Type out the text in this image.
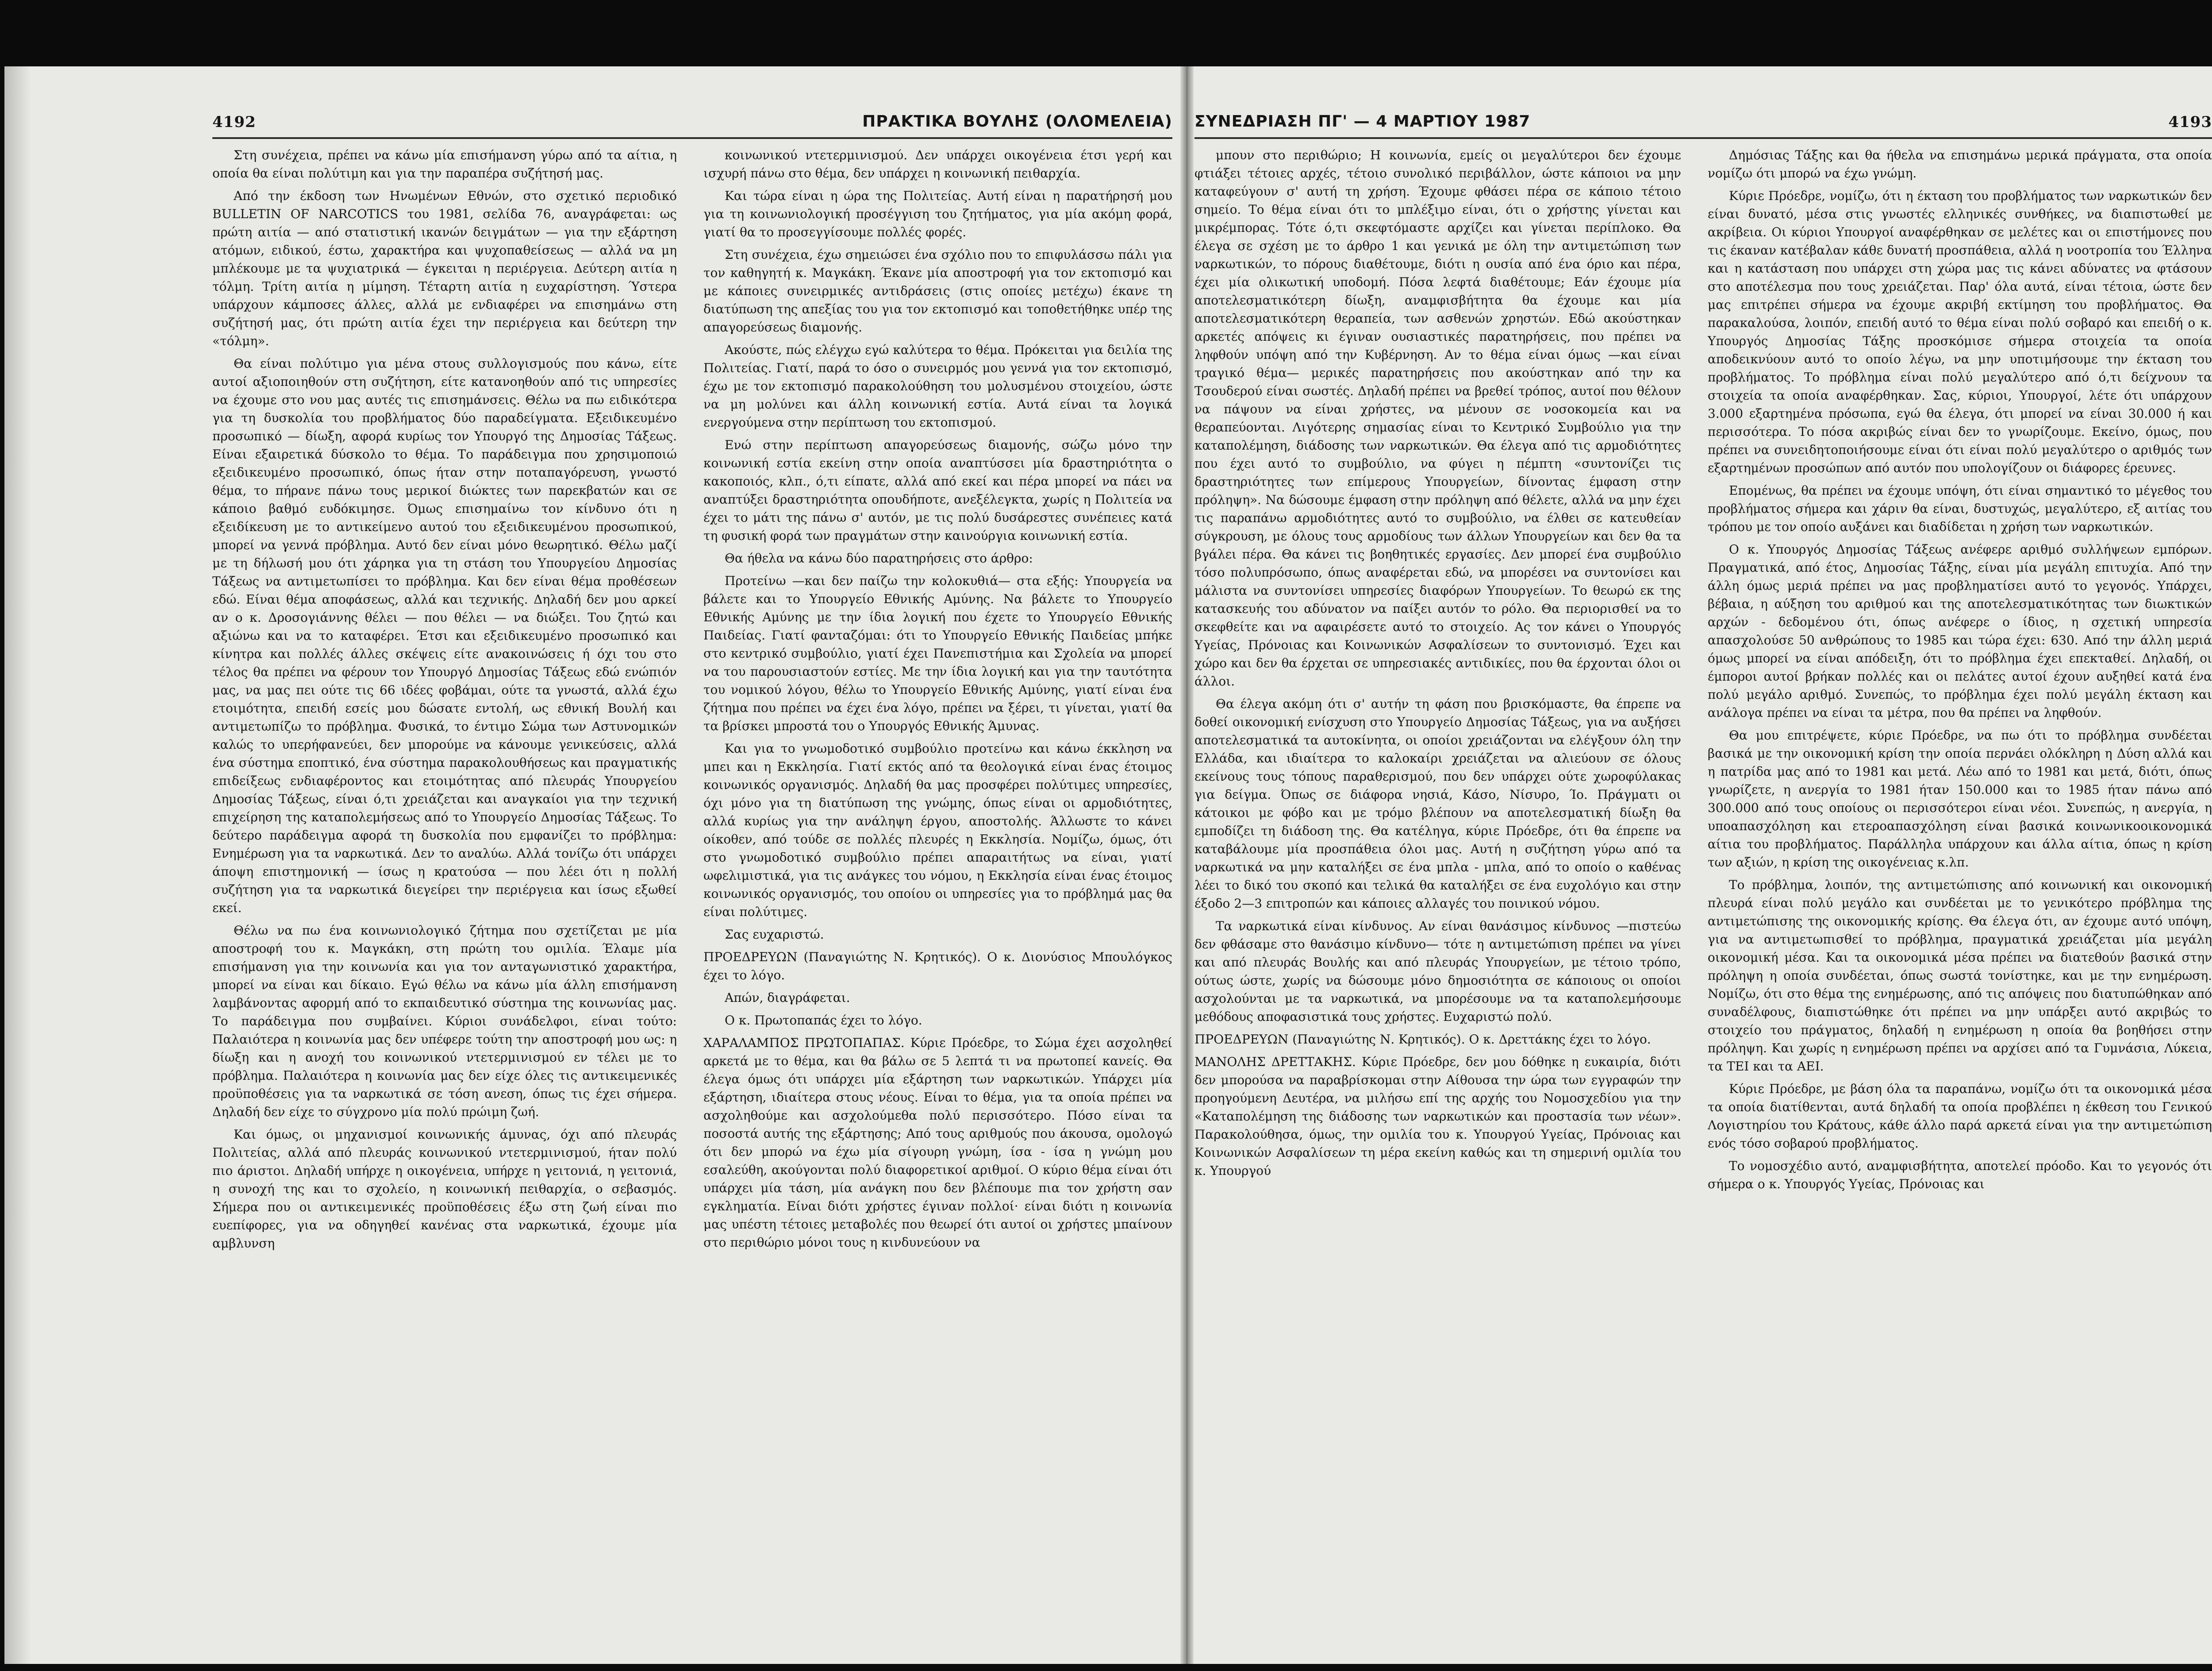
4192	ΠΡΑΚΤΙΚΑ ΒΟΥΛΗΣ (ΟΛΟΜΕΛΕΙΑ)

Στη συνέχεια, πρέπει να κάνω μία επισήμανση γύρω από τα αίτια, η οποία θα είναι πολύτιμη και για την παραπέρα συζήτησή μας.

Από την έκδοση των Ηνωμένων Εθνών, στο σχετικό περιοδικό BULLETIN OF NARCOTICS του 1981, σελίδα 76, αναγράφεται: ως πρώτη αιτία — από στατιστική ικανών δειγμάτων — για την εξάρτηση ατόμων, ειδικού, έστω, χαρακτήρα και ψυχοπαθείσεως — αλλά να μη μπλέκουμε με τα ψυχιατρικά — έγκειται η περιέργεια. Δεύτερη αιτία η τόλμη. Τρίτη αιτία η μίμηση. Τέταρτη αιτία η ευχαρίστηση. Ύστερα υπάρχουν κάμποσες άλλες, αλλά με ενδιαφέρει να επισημάνω στη συζήτησή μας, ότι πρώτη αιτία έχει την περιέργεια και δεύτερη την «τόλμη».

Θα είναι πολύτιμο για μένα στους συλλογισμούς που κάνω, είτε αυτοί αξιοποιηθούν στη συζήτηση, είτε κατανοηθούν από τις υπηρεσίες να έχουμε στο νου μας αυτές τις επισημάνσεις. Θέλω να πω ειδικότερα για τη δυσκολία του προβλήματος δύο παραδείγματα. Εξειδικευμένο προσωπικό — δίωξη, αφορά κυρίως τον Υπουργό της Δημοσίας Τάξεως. Είναι εξαιρετικά δύσκολο το θέμα. Το παράδειγμα που χρησιμοποιώ εξειδικευμένο προσωπικό, όπως ήταν στην ποταπαγόρευση, γνωστό θέμα, το πήρανε πάνω τους μερικοί διώκτες των παρεκβατών και σε κάποιο βαθμό ευδόκιμησε. Όμως επισημαίνω τον κίνδυνο ότι η εξειδίκευση με το αντικείμενο αυτού του εξειδικευμένου προσωπικού, μπορεί να γεννά πρόβλημα. Αυτό δεν είναι μόνο θεωρητικό. Θέλω μαζί με τη δήλωσή μου ότι χάρηκα για τη στάση του Υπουργείου Δημοσίας Τάξεως να αντιμετωπίσει το πρόβλημα. Και δεν είναι θέμα προθέσεων εδώ. Είναι θέμα αποφάσεως, αλλά και τεχνικής. Δηλαδή δεν μου αρκεί αν ο κ. Δροσογιάννης θέλει — που θέλει — να διώξει. Του ζητώ και αξιώνω και να το καταφέρει. Έτσι και εξειδικευμένο προσωπικό και κίνητρα και πολλές άλλες σκέψεις είτε ανακοινώσεις ή όχι του στο τέλος θα πρέπει να φέρουν τον Υπουργό Δημοσίας Τάξεως εδώ ενώπιόν μας, να μας πει ούτε τις 66 ιδέες φοβάμαι, ούτε τα γνωστά, αλλά έχω ετοιμότητα, επειδή εσείς μου δώσατε εντολή, ως εθνική Βουλή και αντιμετωπίζω το πρόβλημα. Φυσικά, το έντιμο Σώμα των Αστυνομικών καλώς το υπερήφανεύει, δεν μπορούμε να κάνουμε γενικεύσεις, αλλά ένα σύστημα εποπτικό, ένα σύστημα παρακολουθήσεως και πραγματικής επιδείξεως ενδιαφέροντος και ετοιμότητας από πλευράς Υπουργείου Δημοσίας Τάξεως, είναι ό,τι χρειάζεται και αναγκαίοι για την τεχνική επιχείρηση της καταπολεμήσεως από το Υπουργείο Δημοσίας Τάξεως. Το δεύτερο παράδειγμα αφορά τη δυσκολία που εμφανίζει το πρόβλημα: Ενημέρωση για τα ναρκωτικά. Δεν το αναλύω. Αλλά τονίζω ότι υπάρχει άποψη επιστημονική — ίσως η κρατούσα — που λέει ότι η πολλή συζήτηση για τα ναρκωτικά διεγείρει την περιέργεια και ίσως εξωθεί εκεί.

Θέλω να πω ένα κοινωνιολογικό ζήτημα που σχετίζεται με μία αποστροφή του κ. Μαγκάκη, στη πρώτη του ομιλία. Έλαμε μία επισήμανση για την κοινωνία και για τον ανταγωνιστικό χαρακτήρα, μπορεί να είναι και δίκαιο. Εγώ θέλω να κάνω μία άλλη επισήμανση λαμβάνοντας αφορμή από το εκπαιδευτικό σύστημα της κοινωνίας μας. Το παράδειγμα που συμβαίνει. Κύριοι συνάδελφοι, είναι τούτο: Παλαιότερα η κοινωνία μας δεν υπέφερε τούτη την αποστροφή μου ως: η δίωξη και η ανοχή του κοινωνικού ντετερμινισμού εν τέλει με το πρόβλημα. Παλαιότερα η κοινωνία μας δεν είχε όλες τις αντικειμενικές προϋποθέσεις για τα ναρκωτικά σε τόση ανεση, όπως τις έχει σήμερα. Δηλαδή δεν είχε το σύγχρονο μία πολύ πρώιμη ζωή.

Και όμως, οι μηχανισμοί κοινωνικής άμυνας, όχι από πλευράς Πολιτείας, αλλά από πλευράς κοινωνικού ντετερμινισμού, ήταν πολύ πιο άριστοι. Δηλαδή υπήρχε η οικογένεια, υπήρχε η γειτονιά, η γειτονιά, η συνοχή της και το σχολείο, η κοινωνική πειθαρχία, ο σεβασμός. Σήμερα που οι αντικειμενικές προϋποθέσεις έξω στη ζωή είναι πιο ευεπίφορες, για να οδηγηθεί κανένας στα ναρκωτικά, έχουμε μία αμβλυνση

κοινωνικού ντετερμινισμού. Δεν υπάρχει οικογένεια έτσι γερή και ισχυρή πάνω στο θέμα, δεν υπάρχει η κοινωνική πειθαρχία.

Και τώρα είναι η ώρα της Πολιτείας. Αυτή είναι η παρατήρησή μου για τη κοινωνιολογική προσέγγιση του ζητήματος, για μία ακόμη φορά, γιατί θα το προσεγγίσουμε πολλές φορές.

Στη συνέχεια, έχω σημειώσει ένα σχόλιο που το επιφυλάσσω πάλι για τον καθηγητή κ. Μαγκάκη. Έκανε μία αποστροφή για τον εκτοπισμό και με κάποιες συνειρμικές αντιδράσεις (στις οποίες μετέχω) έκανε τη διατύπωση της απεξίας του για τον εκτοπισμό και τοποθετήθηκε υπέρ της απαγορεύσεως διαμονής.

Ακούστε, πώς ελέγχω εγώ καλύτερα το θέμα. Πρόκειται για δειλία της Πολιτείας. Γιατί, παρά το όσο ο συνειρμός μου γεννά για τον εκτοπισμό, έχω με τον εκτοπισμό παρακολούθηση του μολυσμένου στοιχείου, ώστε να μη μολύνει και άλλη κοινωνική εστία. Αυτά είναι τα λογικά ενεργούμενα στην περίπτωση του εκτοπισμού.

Ενώ στην περίπτωση απαγορεύσεως διαμονής, σώζω μόνο την κοινωνική εστία εκείνη στην οποία αναπτύσσει μία δραστηριότητα ο κακοποιός, κλπ., ό,τι είπατε, αλλά από εκεί και πέρα μπορεί να πάει να αναπτύξει δραστηριότητα οπουδήποτε, ανεξέλεγκτα, χωρίς η Πολιτεία να έχει το μάτι της πάνω σ' αυτόν, με τις πολύ δυσάρεστες συνέπειες κατά τη φυσική φορά των πραγμάτων στην καινούργια κοινωνική εστία.

Θα ήθελα να κάνω δύο παρατηρήσεις στο άρθρο:

Προτείνω —και δεν παίζω την κολοκυθιά— στα εξής: Υπουργεία να βάλετε και το Υπουργείο Εθνικής Αμύνης. Να βάλετε το Υπουργείο Εθνικής Αμύνης με την ίδια λογική που έχετε το Υπουργείο Εθνικής Παιδείας. Γιατί φανταζόμαι: ότι το Υπουργείο Εθνικής Παιδείας μπήκε στο κεντρικό συμβούλιο, γιατί έχει Πανεπιστήμια και Σχολεία να μπορεί να του παρουσιαστούν εστίες. Με την ίδια λογική και για την ταυτότητα του νομικού λόγου, θέλω το Υπουργείο Εθνικής Αμύνης, γιατί είναι ένα ζήτημα που πρέπει να έχει ένα λόγο, πρέπει να ξέρει, τι γίνεται, γιατί θα τα βρίσκει μπροστά του ο Υπουργός Εθνικής Άμυνας.

Και για το γνωμοδοτικό συμβούλιο προτείνω και κάνω έκκληση να μπει και η Εκκλησία. Γιατί εκτός από τα θεολογικά είναι ένας έτοιμος κοινωνικός οργανισμός. Δηλαδή θα μας προσφέρει πολύτιμες υπηρεσίες, όχι μόνο για τη διατύπωση της γνώμης, όπως είναι οι αρμοδιότητες, αλλά κυρίως για την ανάληψη έργου, αποστολής. Άλλωστε το κάνει οίκοθεν, από τούδε σε πολλές πλευρές η Εκκλησία. Νομίζω, όμως, ότι στο γνωμοδοτικό συμβούλιο πρέπει απαραιτήτως να είναι, γιατί ωφελιμιστικά, για τις ανάγκες του νόμου, η Εκκλησία είναι ένας έτοιμος κοινωνικός οργανισμός, του οποίου οι υπηρεσίες για το πρόβλημά μας θα είναι πολύτιμες.

Σας ευχαριστώ.

ΠΡΟΕΔΡΕΥΩΝ (Παναγιώτης Ν. Κρητικός). Ο κ. Διονύσιος Μπουλόγκος έχει το λόγο.

Απών, διαγράφεται.

Ο κ. Πρωτοπαπάς έχει το λόγο.

ΧΑΡΑΛΑΜΠΟΣ ΠΡΩΤΟΠΑΠΑΣ. Κύριε Πρόεδρε, το Σώμα έχει ασχοληθεί αρκετά με το θέμα, και θα βάλω σε 5 λεπτά τι να πρωτοπεί κανείς. Θα έλεγα όμως ότι υπάρχει μία εξάρτηση των ναρκωτικών. Υπάρχει μία εξάρτηση, ιδιαίτερα στους νέους. Είναι το θέμα, για τα οποία πρέπει να ασχοληθούμε και ασχολούμεθα πολύ περισσότερο. Πόσο είναι τα ποσοστά αυτής της εξάρτησης; Από τους αριθμούς που άκουσα, ομολογώ ότι δεν μπορώ να έχω μία σίγουρη γνώμη, ίσα - ίσα η γνώμη μου εσαλεύθη, ακούγονται πολύ διαφορετικοί αριθμοί. Ο κύριο θέμα είναι ότι υπάρχει μία τάση, μία ανάγκη που δεν βλέπουμε πια τον χρήστη σαν εγκληματία. Είναι διότι χρήστες έγιναν πολλοί· είναι διότι η κοινωνία μας υπέστη τέτοιες μεταβολές που θεωρεί ότι αυτοί οι χρήστες μπαίνουν στο περιθώριο μόνοι τους η κινδυνεύουν να

ΣΥΝΕΔΡΙΑΣΗ ΠΓ' — 4 ΜΑΡΤΙΟΥ 1987	4193

μπουν στο περιθώριο; Η κοινωνία, εμείς οι μεγαλύτεροι δεν έχουμε φτιάξει τέτοιες αρχές, τέτοιο συνολικό περιβάλλον, ώστε κάποιοι να μην καταφεύγουν σ' αυτή τη χρήση. Έχουμε φθάσει πέρα σε κάποιο τέτοιο σημείο. Το θέμα είναι ότι το μπλέξιμο είναι, ότι ο χρήστης γίνεται και μικρέμπορας. Τότε ό,τι σκεφτόμαστε αρχίζει και γίνεται περίπλοκο. Θα έλεγα σε σχέση με το άρθρο 1 και γενικά με όλη την αντιμετώπιση των ναρκωτικών, το πόρους διαθέτουμε, διότι η ουσία από ένα όριο και πέρα, έχει μία ολικωτική υποδομή. Πόσα λεφτά διαθέτουμε; Εάν έχουμε μία αποτελεσματικότερη δίωξη, αναμφισβήτητα θα έχουμε και μία αποτελεσματικότερη θεραπεία, των ασθενών χρηστών. Εδώ ακούστηκαν αρκετές απόψεις κι έγιναν ουσιαστικές παρατηρήσεις, που πρέπει να ληφθούν υπόψη από την Κυβέρνηση. Αν το θέμα είναι όμως —και είναι τραγικό θέμα— μερικές παρατηρήσεις που ακούστηκαν από την κα Τσουδερού είναι σωστές. Δηλαδή πρέπει να βρεθεί τρόπος, αυτοί που θέλουν να πάψουν να είναι χρήστες, να μένουν σε νοσοκομεία και να θεραπεύονται. Λιγότερης σημασίας είναι το Κεντρικό Συμβούλιο για την καταπολέμηση, διάδοσης των ναρκωτικών. Θα έλεγα από τις αρμοδιότητες που έχει αυτό το συμβούλιο, να φύγει η πέμπτη «συντονίζει τις δραστηριότητες των επίμερους Υπουργείων, δίνοντας έμφαση στην πρόληψη». Να δώσουμε έμφαση στην πρόληψη από θέλετε, αλλά να μην έχει τις παραπάνω αρμοδιότητες αυτό το συμβούλιο, να έλθει σε κατευθείαν σύγκρουση, με όλους τους αρμοδίους των άλλων Υπουργείων και δεν θα τα βγάλει πέρα. Θα κάνει τις βοηθητικές εργασίες. Δεν μπορεί ένα συμβούλιο τόσο πολυπρόσωπο, όπως αναφέρεται εδώ, να μπορέσει να συντονίσει και μάλιστα να συντονίσει υπηρεσίες διαφόρων Υπουργείων. Το θεωρώ εκ της κατασκευής του αδύνατον να παίξει αυτόν το ρόλο. Θα περιορισθεί να το σκεφθείτε και να αφαιρέσετε αυτό το στοιχείο. Ας τον κάνει ο Υπουργός Υγείας, Πρόνοιας και Κοινωνικών Ασφαλίσεων το συντονισμό. Έχει και χώρο και δεν θα έρχεται σε υπηρεσιακές αντιδικίες, που θα έρχονται όλοι οι άλλοι.

Θα έλεγα ακόμη ότι σ' αυτήν τη φάση που βρισκόμαστε, θα έπρεπε να δοθεί οικονομική ενίσχυση στο Υπουργείο Δημοσίας Τάξεως, για να αυξήσει αποτελεσματικά τα αυτοκίνητα, οι οποίοι χρειάζονται να ελέγξουν όλη την Ελλάδα, και ιδιαίτερα το καλοκαίρι χρειάζεται να αλιεύουν σε όλους εκείνους τους τόπους παραθερισμού, που δεν υπάρχει ούτε χωροφύλακας για δείγμα. Όπως σε διάφορα νησιά, Κάσο, Νίσυρο, Ίο. Πράγματι οι κάτοικοι με φόβο και με τρόμο βλέπουν να αποτελεσματική δίωξη θα εμποδίζει τη διάδοση της. Θα κατέληγα, κύριε Πρόεδρε, ότι θα έπρεπε να καταβάλουμε μία προσπάθεια όλοι μας. Αυτή η συζήτηση γύρω από τα ναρκωτικά να μην καταλήξει σε ένα μπλα - μπλα, από το οποίο ο καθένας λέει το δικό του σκοπό και τελικά θα καταλήξει σε ένα ευχολόγιο και στην έξοδο 2—3 επιτροπών και κάποιες αλλαγές του ποινικού νόμου.

Τα ναρκωτικά είναι κίνδυνος. Αν είναι θανάσιμος κίνδυνος —πιστεύω δεν φθάσαμε στο θανάσιμο κίνδυνο— τότε η αντιμετώπιση πρέπει να γίνει και από πλευράς Βουλής και από πλευράς Υπουργείων, με τέτοιο τρόπο, ούτως ώστε, χωρίς να δώσουμε μόνο δημοσιότητα σε κάποιους οι οποίοι ασχολούνται με τα ναρκωτικά, να μπορέσουμε να τα καταπολεμήσουμε μεθόδους αποφασιστικά τους χρήστες. Ευχαριστώ πολύ.

ΠΡΟΕΔΡΕΥΩΝ (Παναγιώτης Ν. Κρητικός). Ο κ. Δρεττάκης έχει το λόγο.

ΜΑΝΟΛΗΣ ΔΡΕΤΤΑΚΗΣ. Κύριε Πρόεδρε, δεν μου δόθηκε η ευκαιρία, διότι δεν μπορούσα να παραβρίσκομαι στην Αίθουσα την ώρα των εγγραφών την προηγούμενη Δευτέρα, να μιλήσω επί της αρχής του Νομοσχεδίου για την «Καταπολέμηση της διάδοσης των ναρκωτικών και προστασία των νέων». Παρακολούθησα, όμως, την ομιλία του κ. Υπουργού Υγείας, Πρόνοιας και Κοινωνικών Ασφαλίσεων τη μέρα εκείνη καθώς και τη σημερινή ομιλία του κ. Υπουργού

Δημόσιας Τάξης και θα ήθελα να επισημάνω μερικά πράγματα, στα οποία νομίζω ότι μπορώ να έχω γνώμη.

Κύριε Πρόεδρε, νομίζω, ότι η έκταση του προβλήματος των ναρκωτικών δεν είναι δυνατό, μέσα στις γνωστές ελληνικές συνθήκες, να διαπιστωθεί με ακρίβεια. Οι κύριοι Υπουργοί αναφέρθηκαν σε μελέτες και οι επιστήμονες που τις έκαναν κατέβαλαν κάθε δυνατή προσπάθεια, αλλά η νοοτροπία του Έλληνα και η κατάσταση που υπάρχει στη χώρα μας τις κάνει αδύνατες να φτάσουν στο αποτέλεσμα που τους χρειάζεται. Παρ' όλα αυτά, είναι τέτοια, ώστε δεν μας επιτρέπει σήμερα να έχουμε ακριβή εκτίμηση του προβλήματος. Θα παρακαλούσα, λοιπόν, επειδή αυτό το θέμα είναι πολύ σοβαρό και επειδή ο κ. Υπουργός Δημοσίας Τάξης προσκόμισε σήμερα στοιχεία τα οποία αποδεικνύουν αυτό το οποίο λέγω, να μην υποτιμήσουμε την έκταση του προβλήματος. Το πρόβλημα είναι πολύ μεγαλύτερο από ό,τι δείχνουν τα στοιχεία τα οποία αναφέρθηκαν. Σας, κύριοι, Υπουργοί, λέτε ότι υπάρχουν 3.000 εξαρτημένα πρόσωπα, εγώ θα έλεγα, ότι μπορεί να είναι 30.000 ή και περισσότερα. Το πόσα ακριβώς είναι δεν το γνωρίζουμε. Εκείνο, όμως, που πρέπει να συνειδητοποιήσουμε είναι ότι είναι πολύ μεγαλύτερο ο αριθμός των εξαρτημένων προσώπων από αυτόν που υπολογίζουν οι διάφορες έρευνες.

Επομένως, θα πρέπει να έχουμε υπόψη, ότι είναι σημαντικό το μέγεθος του προβλήματος σήμερα και χάριν θα είναι, δυστυχώς, μεγαλύτερο, εξ αιτίας του τρόπου με τον οποίο αυξάνει και διαδίδεται η χρήση των ναρκωτικών.

Ο κ. Υπουργός Δημοσίας Τάξεως ανέφερε αριθμό συλλήψεων εμπόρων. Πραγματικά, από έτος, Δημοσίας Τάξης, είναι μία μεγάλη επιτυχία. Από την άλλη όμως μεριά πρέπει να μας προβληματίσει αυτό το γεγονός. Υπάρχει, βέβαια, η αύξηση του αριθμού και της αποτελεσματικότητας των διωκτικών αρχών - δεδομένου ότι, όπως ανέφερε ο ίδιος, η σχετική υπηρεσία απασχολούσε 50 ανθρώπους το 1985 και τώρα έχει: 630. Από την άλλη μεριά όμως μπορεί να είναι απόδειξη, ότι το πρόβλημα έχει επεκταθεί. Δηλαδή, οι έμποροι αυτοί βρήκαν πολλές και οι πελάτες αυτοί έχουν αυξηθεί κατά ένα πολύ μεγάλο αριθμό. Συνεπώς, το πρόβλημα έχει πολύ μεγάλη έκταση και ανάλογα πρέπει να είναι τα μέτρα, που θα πρέπει να ληφθούν.

Θα μου επιτρέψετε, κύριε Πρόεδρε, να πω ότι το πρόβλημα συνδέεται βασικά με την οικονομική κρίση την οποία περνάει ολόκληρη η Δύση αλλά και η πατρίδα μας από το 1981 και μετά. Λέω από το 1981 και μετά, διότι, όπως γνωρίζετε, η ανεργία το 1981 ήταν 150.000 και το 1985 ήταν πάνω από 300.000 από τους οποίους οι περισσότεροι είναι νέοι. Συνεπώς, η ανεργία, η υποαπασχόληση και ετεροαπασχόληση είναι βασικά κοινωνικοοικονομικά αίτια του προβλήματος. Παράλληλα υπάρχουν και άλλα αίτια, όπως η κρίση των αξιών, η κρίση της οικογένειας κ.λπ.

Το πρόβλημα, λοιπόν, της αντιμετώπισης από κοινωνική και οικονομική πλευρά είναι πολύ μεγάλο και συνδέεται με το γενικότερο πρόβλημα της αντιμετώπισης της οικονομικής κρίσης. Θα έλεγα ότι, αν έχουμε αυτό υπόψη, για να αντιμετωπισθεί το πρόβλημα, πραγματικά χρειάζεται μία μεγάλη οικονομική μέσα. Και τα οικονομικά μέσα πρέπει να διατεθούν βασικά στην πρόληψη η οποία συνδέεται, όπως σωστά τονίστηκε, και με την ενημέρωση. Νομίζω, ότι στο θέμα της ενημέρωσης, από τις απόψεις που διατυπώθηκαν από συναδέλφους, διαπιστώθηκε ότι πρέπει να μην υπάρξει αυτό ακριβώς το στοιχείο του πράγματος, δηλαδή η ενημέρωση η οποία θα βοηθήσει στην πρόληψη. Και χωρίς η ενημέρωση πρέπει να αρχίσει από τα Γυμνάσια, Λύκεια, τα ΤΕΙ και τα ΑΕΙ.

Κύριε Πρόεδρε, με βάση όλα τα παραπάνω, νομίζω ότι τα οικονομικά μέσα τα οποία διατίθενται, αυτά δηλαδή τα οποία προβλέπει η έκθεση του Γενικού Λογιστηρίου του Κράτους, κάθε άλλο παρά αρκετά είναι για την αντιμετώπιση ενός τόσο σοβαρού προβλήματος.

Το νομοσχέδιο αυτό, αναμφισβήτητα, αποτελεί πρόοδο. Και το γεγονός ότι σήμερα ο κ. Υπουργός Υγείας, Πρόνοιας και
